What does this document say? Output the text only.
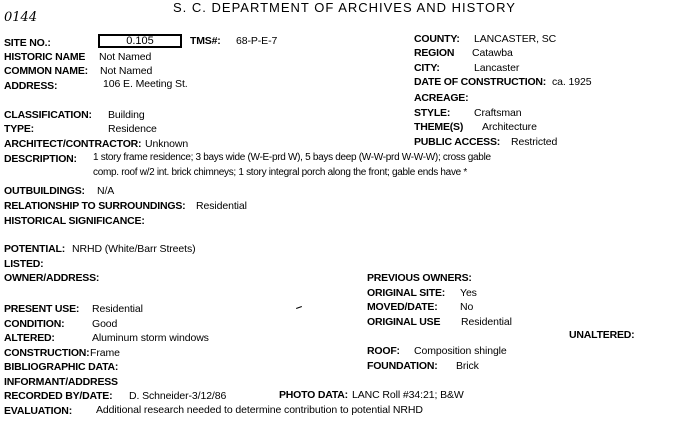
0144
S. C. DEPARTMENT OF ARCHIVES AND HISTORY
SITE NO.:	0.105	TMS#: 68-P-E-7	COUNTY: LANCASTER, SC
HISTORIC NAME Not Named	REGION Catawba
COMMON NAME: Not Named	CITY:	Lancaster
ADDRESS:	106 E. Meeting St.	DATE OF CONSTRUCTION: ca. 1925
ACREAGE:
CLASSIFICATION: Building	STYLE: Craftsman
TYPE:	Residence	THEME(S) Architecture
ARCHITECT/CONTRACTOR: Unknown	PUBLIC ACCESS: Restricted
DESCRIPTION: 1 story frame residence; 3 bays wide (W-E-prd W), 5 bays deep (W-W-prd W-W-W); cross gable
comp. roof w/2 int. brick chimneys; 1 story integral porch along the front; gable ends have *
OUTBUILDINGS: N/A
RELATIONSHIP TO SURROUNDINGS: Residential
HISTORICAL SIGNIFICANCE:
POTENTIAL: NRHD (White/Barr Streets)
LISTED:
OWNER/ADDRESS:	PREVIOUS OWNERS:
ORIGINAL SITE: Yes
PRESENT USE: Residential	MOVED/DATE: No
CONDITION:	Good	ORIGINAL USE Residential
ALTERED:	Aluminum storm windows	UNALTERED:
CONSTRUCTION: Frame	ROOF: Composition shingle
BIBLIOGRAPHIC DATA:	FOUNDATION: Brick
INFORMANT/ADDRESS
RECORDED BY/DATE: D. Schneider-3/12/86	PHOTO DATA: LANC Roll #34:21; B&W
EVALUATION: Additional research needed to determine contribution to potential NRHD
